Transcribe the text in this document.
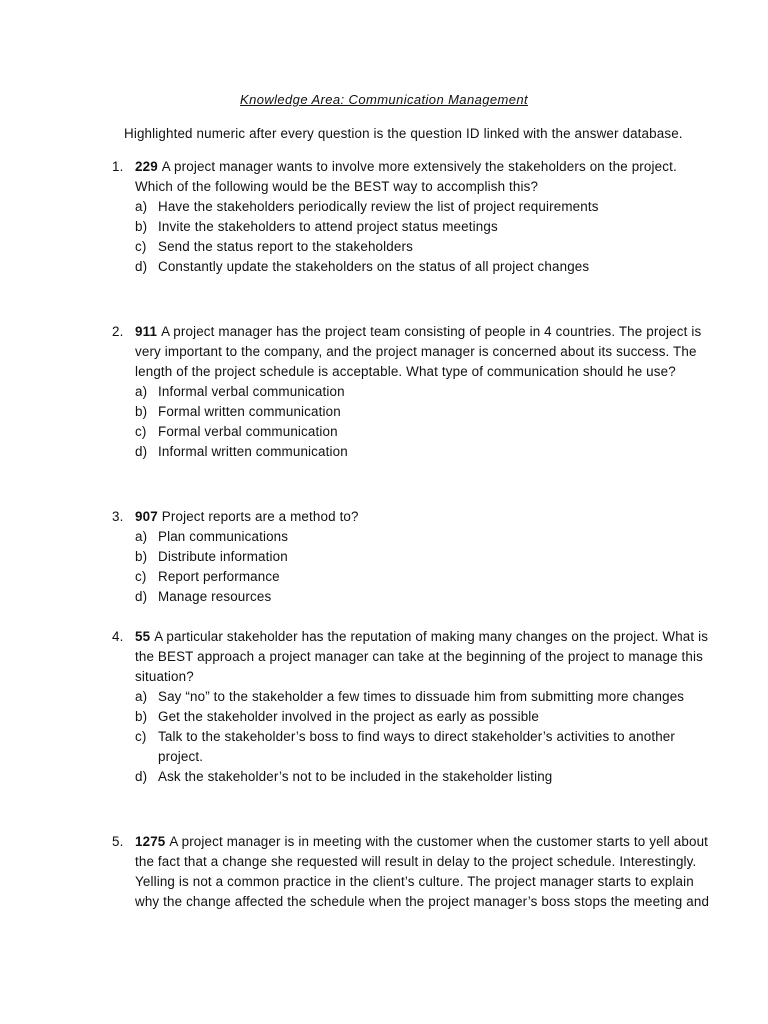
Knowledge Area: Communication Management
Highlighted numeric after every question is the question ID linked with the answer database.
1. 229 A project manager wants to involve more extensively the stakeholders on the project.
Which of the following would be the BEST way to accomplish this?
a) Have the stakeholders periodically review the list of project requirements
b) Invite the stakeholders to attend project status meetings
c) Send the status report to the stakeholders
d) Constantly update the stakeholders on the status of all project changes
2. 911 A project manager has the project team consisting of people in 4 countries. The project is
very important to the company, and the project manager is concerned about its success. The
length of the project schedule is acceptable. What type of communication should he use?
a) Informal verbal communication
b) Formal written communication
c) Formal verbal communication
d) Informal written communication
3. 907 Project reports are a method to?
a) Plan communications
b) Distribute information
c) Report performance
d) Manage resources
4. 55 A particular stakeholder has the reputation of making many changes on the project. What is
the BEST approach a project manager can take at the beginning of the project to manage this
situation?
a) Say “no” to the stakeholder a few times to dissuade him from submitting more changes
b) Get the stakeholder involved in the project as early as possible
c) Talk to the stakeholder’s boss to find ways to direct stakeholder’s activities to another
project.
d) Ask the stakeholder’s not to be included in the stakeholder listing
5. 1275 A project manager is in meeting with the customer when the customer starts to yell about
the fact that a change she requested will result in delay to the project schedule. Interestingly.
Yelling is not a common practice in the client’s culture. The project manager starts to explain
why the change affected the schedule when the project manager’s boss stops the meeting and
